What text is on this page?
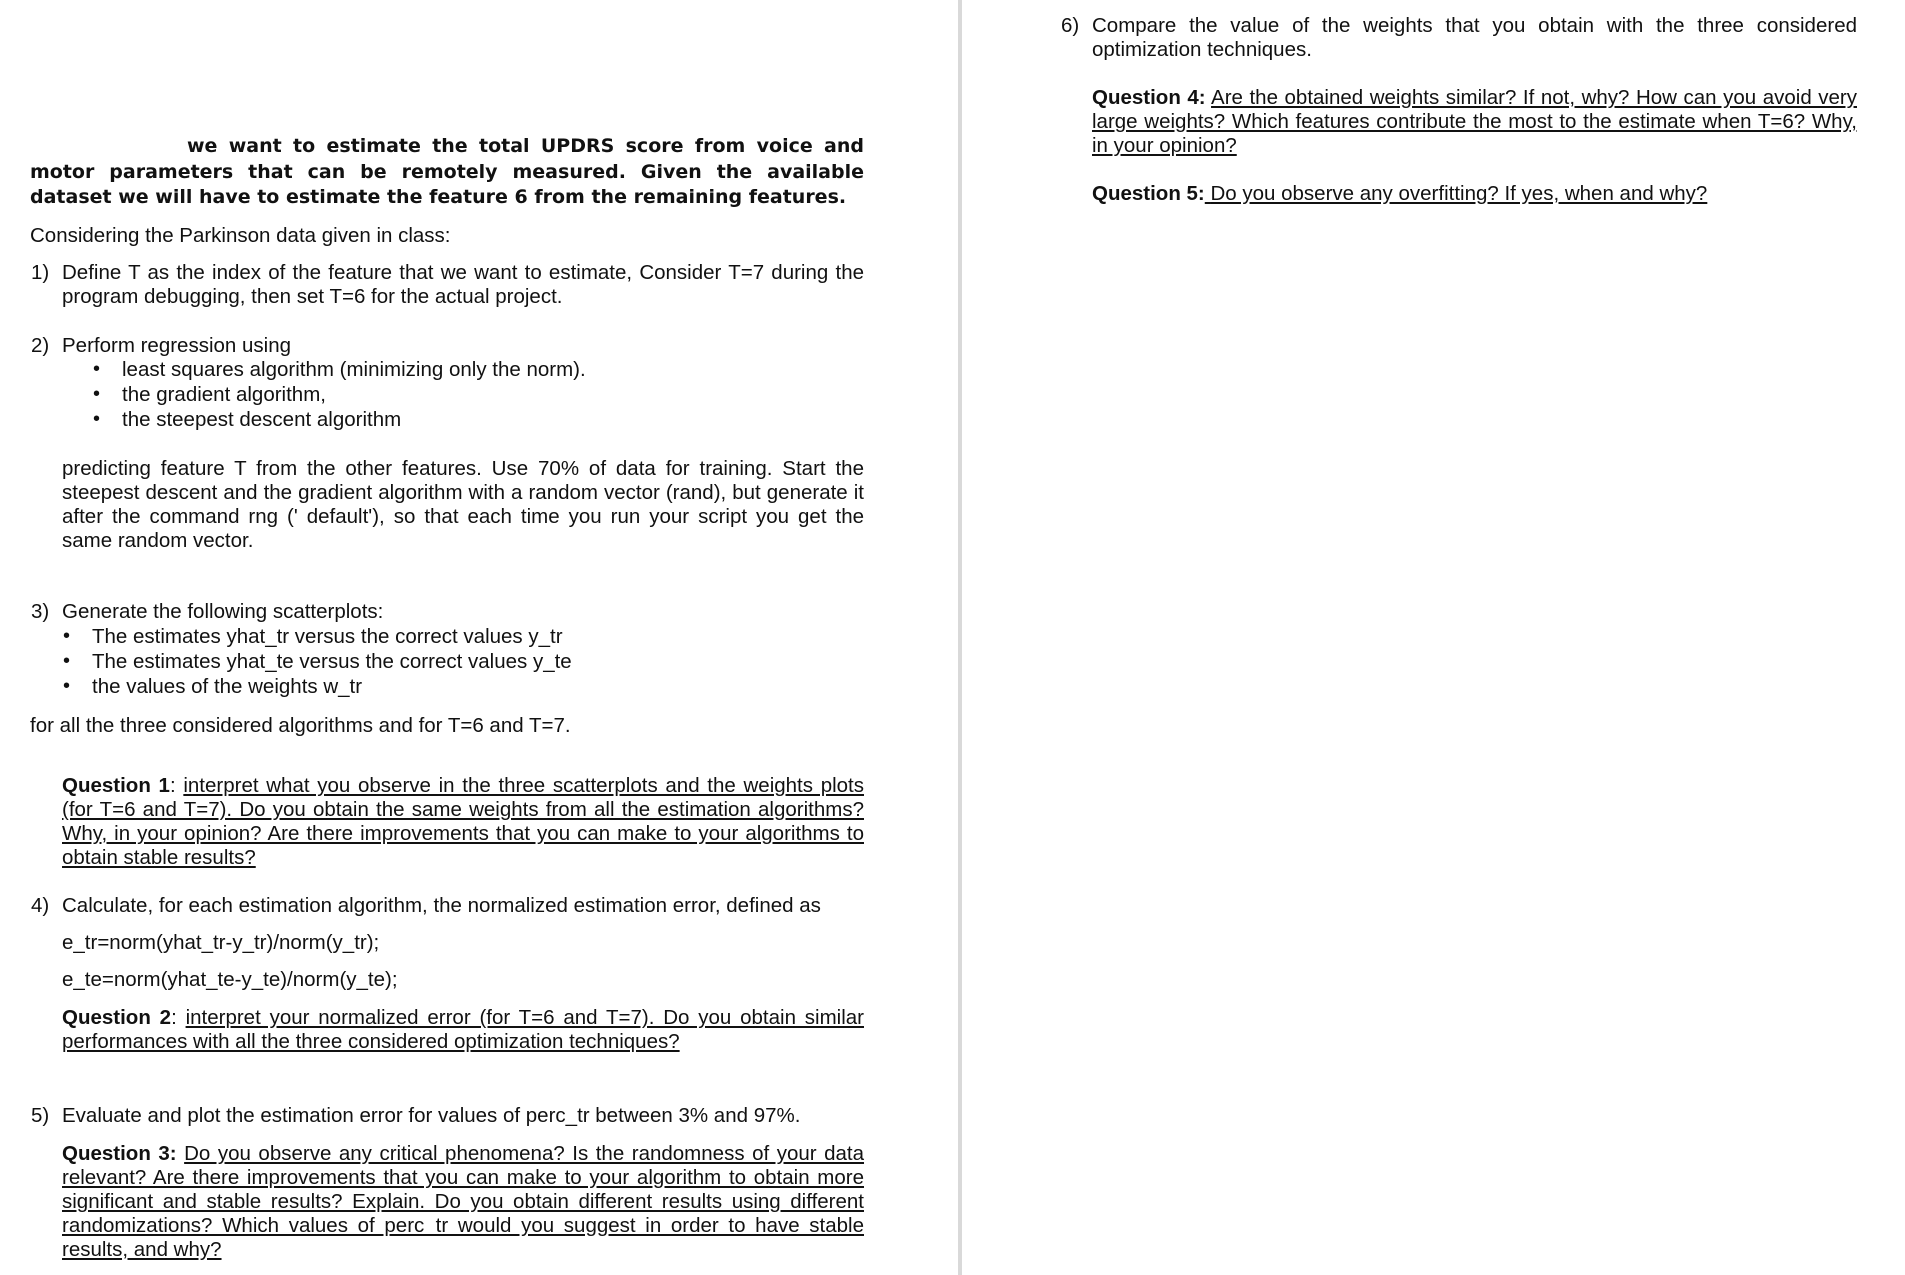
we want to estimate the total UPDRS score from voice and motor parameters that can be remotely measured. Given the available dataset we will have to estimate the feature 6 from the remaining features.

Considering the Parkinson data given in class:

1) Define T as the index of the feature that we want to estimate, Consider T=7 during the program debugging, then set T=6 for the actual project.
2) Perform regression using
• least squares algorithm (minimizing only the norm).
• the gradient algorithm,
• the steepest descent algorithm

predicting feature T from the other features. Use 70% of data for training. Start the steepest descent and the gradient algorithm with a random vector (rand), but generate it after the command rng (' default'), so that each time you run your script you get the same random vector.

3) Generate the following scatterplots:
• The estimates yhat_tr versus the correct values y_tr
• The estimates yhat_te versus the correct values y_te
• the values of the weights w_tr

for all the three considered algorithms and for T=6 and T=7.

Question 1: interpret what you observe in the three scatterplots and the weights plots (for T=6 and T=7). Do you obtain the same weights from all the estimation algorithms? Why, in your opinion? Are there improvements that you can make to your algorithms to obtain stable results?

4) Calculate, for each estimation algorithm, the normalized estimation error, defined as

e_tr=norm(yhat_tr-y_tr)/norm(y_tr);

e_te=norm(yhat_te-y_te)/norm(y_te);

Question 2: interpret your normalized error (for T=6 and T=7). Do you obtain similar performances with all the three considered optimization techniques?

5) Evaluate and plot the estimation error for values of perc_tr between 3% and 97%.

Question 3: Do you observe any critical phenomena? Is the randomness of your data relevant? Are there improvements that you can make to your algorithm to obtain more significant and stable results? Explain. Do you obtain different results using different randomizations? Which values of perc_tr would you suggest in order to have stable results, and why?

6) Compare the value of the weights that you obtain with the three considered optimization techniques.

Question 4: Are the obtained weights similar? If not, why? How can you avoid very large weights? Which features contribute the most to the estimate when T=6? Why, in your opinion?

Question 5: Do you observe any overfitting? If yes, when and why?
